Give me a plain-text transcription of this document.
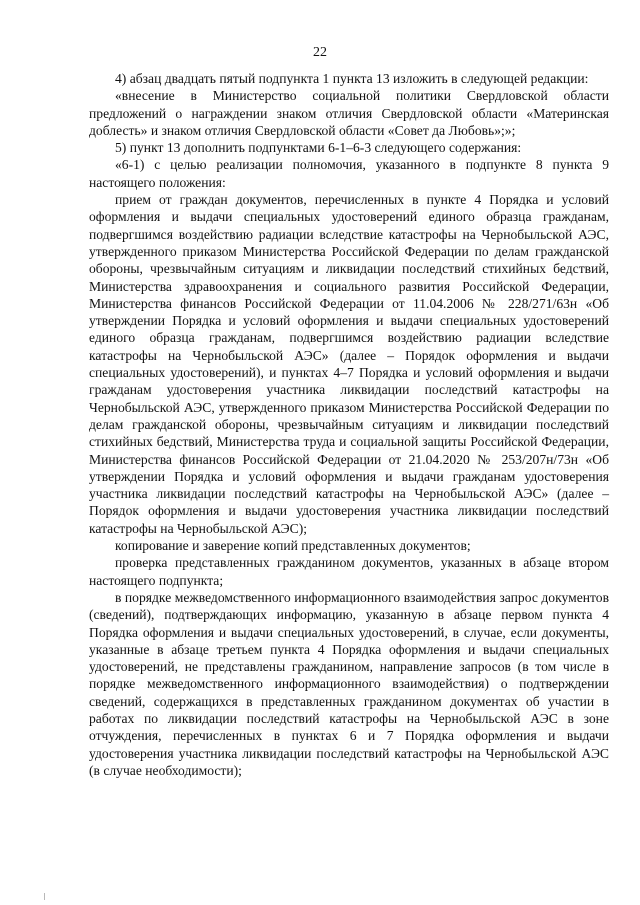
22

4) абзац двадцать пятый подпункта 1 пункта 13 изложить в следующей редакции:

«внесение в Министерство социальной политики Свердловской области предложений о награждении знаком отличия Свердловской области «Материнская доблесть» и знаком отличия Свердловской области «Совет да Любовь»;»;

5) пункт 13 дополнить подпунктами 6-1–6-3 следующего содержания:

«6-1) с целью реализации полномочия, указанного в подпункте 8 пункта 9 настоящего положения:

прием от граждан документов, перечисленных в пункте 4 Порядка и условий оформления и выдачи специальных удостоверений единого образца гражданам, подвергшимся воздействию радиации вследствие катастрофы на Чернобыльской АЭС, утвержденного приказом Министерства Российской Федерации по делам гражданской обороны, чрезвычайным ситуациям и ликвидации последствий стихийных бедствий, Министерства здравоохранения и социального развития Российской Федерации, Министерства финансов Российской Федерации от 11.04.2006 № 228/271/63н «Об утверждении Порядка и условий оформления и выдачи специальных удостоверений единого образца гражданам, подвергшимся воздействию радиации вследствие катастрофы на Чернобыльской АЭС» (далее – Порядок оформления и выдачи специальных удостоверений), и пунктах 4–7 Порядка и условий оформления и выдачи гражданам удостоверения участника ликвидации последствий катастрофы на Чернобыльской АЭС, утвержденного приказом Министерства Российской Федерации по делам гражданской обороны, чрезвычайным ситуациям и ликвидации последствий стихийных бедствий, Министерства труда и социальной защиты Российской Федерации, Министерства финансов Российской Федерации от 21.04.2020 № 253/207н/73н «Об утверждении Порядка и условий оформления и выдачи гражданам удостоверения участника ликвидации последствий катастрофы на Чернобыльской АЭС» (далее – Порядок оформления и выдачи удостоверения участника ликвидации последствий катастрофы на Чернобыльской АЭС);

копирование и заверение копий представленных документов;

проверка представленных гражданином документов, указанных в абзаце втором настоящего подпункта;

в порядке межведомственного информационного взаимодействия запрос документов (сведений), подтверждающих информацию, указанную в абзаце первом пункта 4 Порядка оформления и выдачи специальных удостоверений, в случае, если документы, указанные в абзаце третьем пункта 4 Порядка оформления и выдачи специальных удостоверений, не представлены гражданином, направление запросов (в том числе в порядке межведомственного информационного взаимодействия) о подтверждении сведений, содержащихся в представленных гражданином документах об участии в работах по ликвидации последствий катастрофы на Чернобыльской АЭС в зоне отчуждения, перечисленных в пунктах 6 и 7 Порядка оформления и выдачи удостоверения участника ликвидации последствий катастрофы на Чернобыльской АЭС (в случае необходимости);
